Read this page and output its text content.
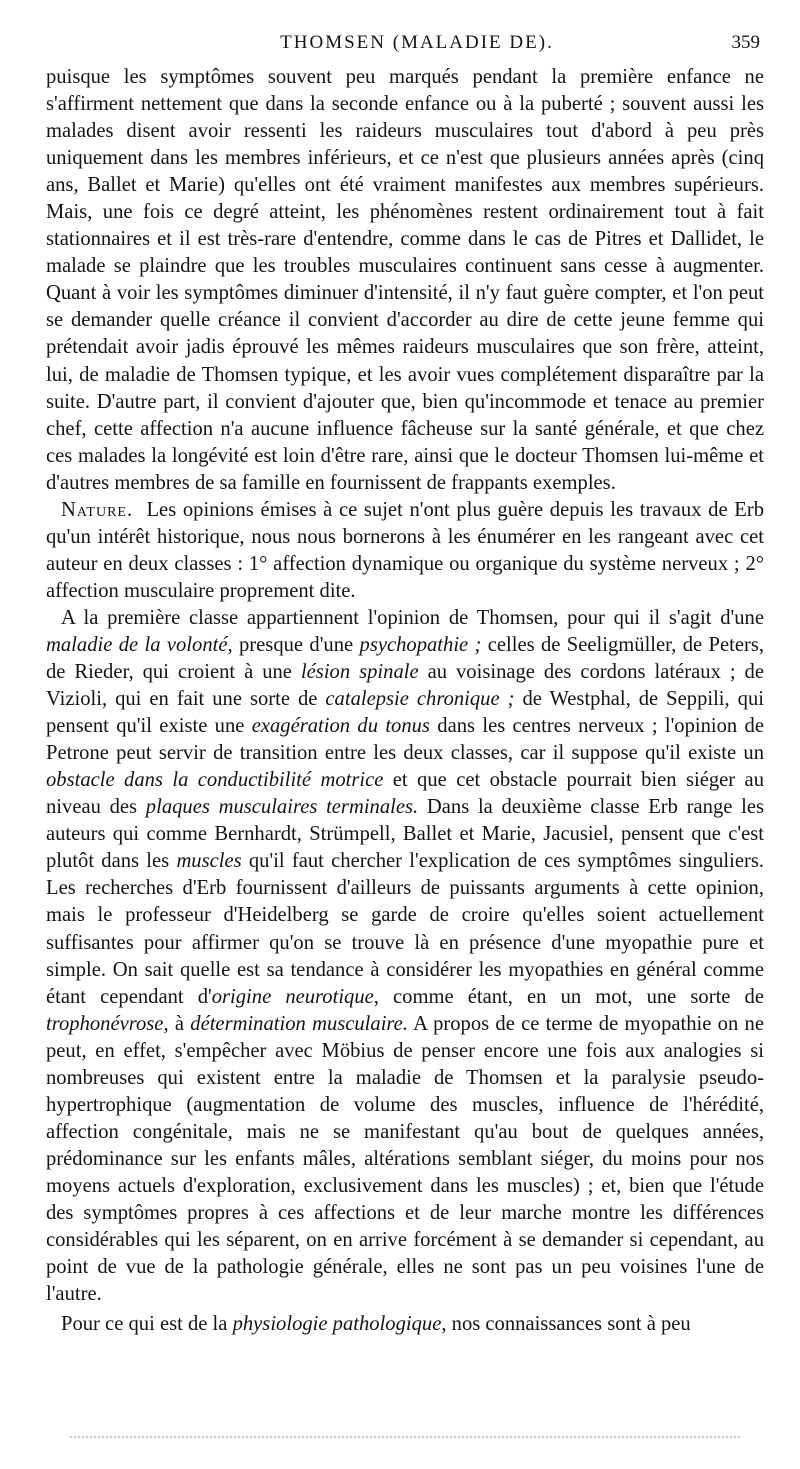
THOMSEN (MALADIE DE).	359

puisque les symptômes souvent peu marqués pendant la première enfance ne s'affirment nettement que dans la seconde enfance ou à la puberté ; souvent aussi les malades disent avoir ressenti les raideurs musculaires tout d'abord à peu près uniquement dans les membres inférieurs, et ce n'est que plusieurs années après (cinq ans, Ballet et Marie) qu'elles ont été vraiment manifestes aux membres supérieurs. Mais, une fois ce degré atteint, les phénomènes restent ordinairement tout à fait stationnaires et il est très-rare d'entendre, comme dans le cas de Pitres et Dallidet, le malade se plaindre que les troubles musculaires continuent sans cesse à augmenter. Quant à voir les symptômes diminuer d'intensité, il n'y faut guère compter, et l'on peut se demander quelle créance il convient d'accorder au dire de cette jeune femme qui prétendait avoir jadis éprouvé les mêmes raideurs musculaires que son frère, atteint, lui, de maladie de Thomsen typique, et les avoir vues complétement disparaître par la suite. D'autre part, il convient d'ajouter que, bien qu'incommode et tenace au premier chef, cette affection n'a aucune influence fâcheuse sur la santé générale, et que chez ces malades la longévité est loin d'être rare, ainsi que le docteur Thomsen lui-même et d'autres membres de sa famille en fournissent de frappants exemples.

Nature. Les opinions émises à ce sujet n'ont plus guère depuis les travaux de Erb qu'un intérêt historique, nous nous bornerons à les énumérer en les rangeant avec cet auteur en deux classes : 1° affection dynamique ou organique du système nerveux ; 2° affection musculaire proprement dite.

A la première classe appartiennent l'opinion de Thomsen, pour qui il s'agit d'une maladie de la volonté, presque d'une psychopathie ; celles de Seeligmüller, de Peters, de Rieder, qui croient à une lésion spinale au voisinage des cordons latéraux ; de Vizioli, qui en fait une sorte de catalepsie chronique ; de Westphal, de Seppili, qui pensent qu'il existe une exagération du tonus dans les centres nerveux ; l'opinion de Petrone peut servir de transition entre les deux classes, car il suppose qu'il existe un obstacle dans la conductibilité motrice et que cet obstacle pourrait bien siéger au niveau des plaques musculaires terminales. Dans la deuxième classe Erb range les auteurs qui comme Bernhardt, Strümpell, Ballet et Marie, Jacusiel, pensent que c'est plutôt dans les muscles qu'il faut chercher l'explication de ces symptômes singuliers. Les recherches d'Erb fournissent d'ailleurs de puissants arguments à cette opinion, mais le professeur d'Heidelberg se garde de croire qu'elles soient actuellement suffisantes pour affirmer qu'on se trouve là en présence d'une myopathie pure et simple. On sait quelle est sa tendance à considérer les myopathies en général comme étant cependant d'origine neurotique, comme étant, en un mot, une sorte de trophonévrose, à détermination musculaire. A propos de ce terme de myopathie on ne peut, en effet, s'empêcher avec Möbius de penser encore une fois aux analogies si nombreuses qui existent entre la maladie de Thomsen et la paralysie pseudo-hypertrophique (augmentation de volume des muscles, influence de l'hérédité, affection congénitale, mais ne se manifestant qu'au bout de quelques années, prédominance sur les enfants mâles, altérations semblant siéger, du moins pour nos moyens actuels d'exploration, exclusivement dans les muscles) ; et, bien que l'étude des symptômes propres à ces affections et de leur marche montre les différences considérables qui les séparent, on en arrive forcément à se demander si cependant, au point de vue de la pathologie générale, elles ne sont pas un peu voisines l'une de l'autre.

Pour ce qui est de la physiologie pathologique, nos connaissances sont à peu
